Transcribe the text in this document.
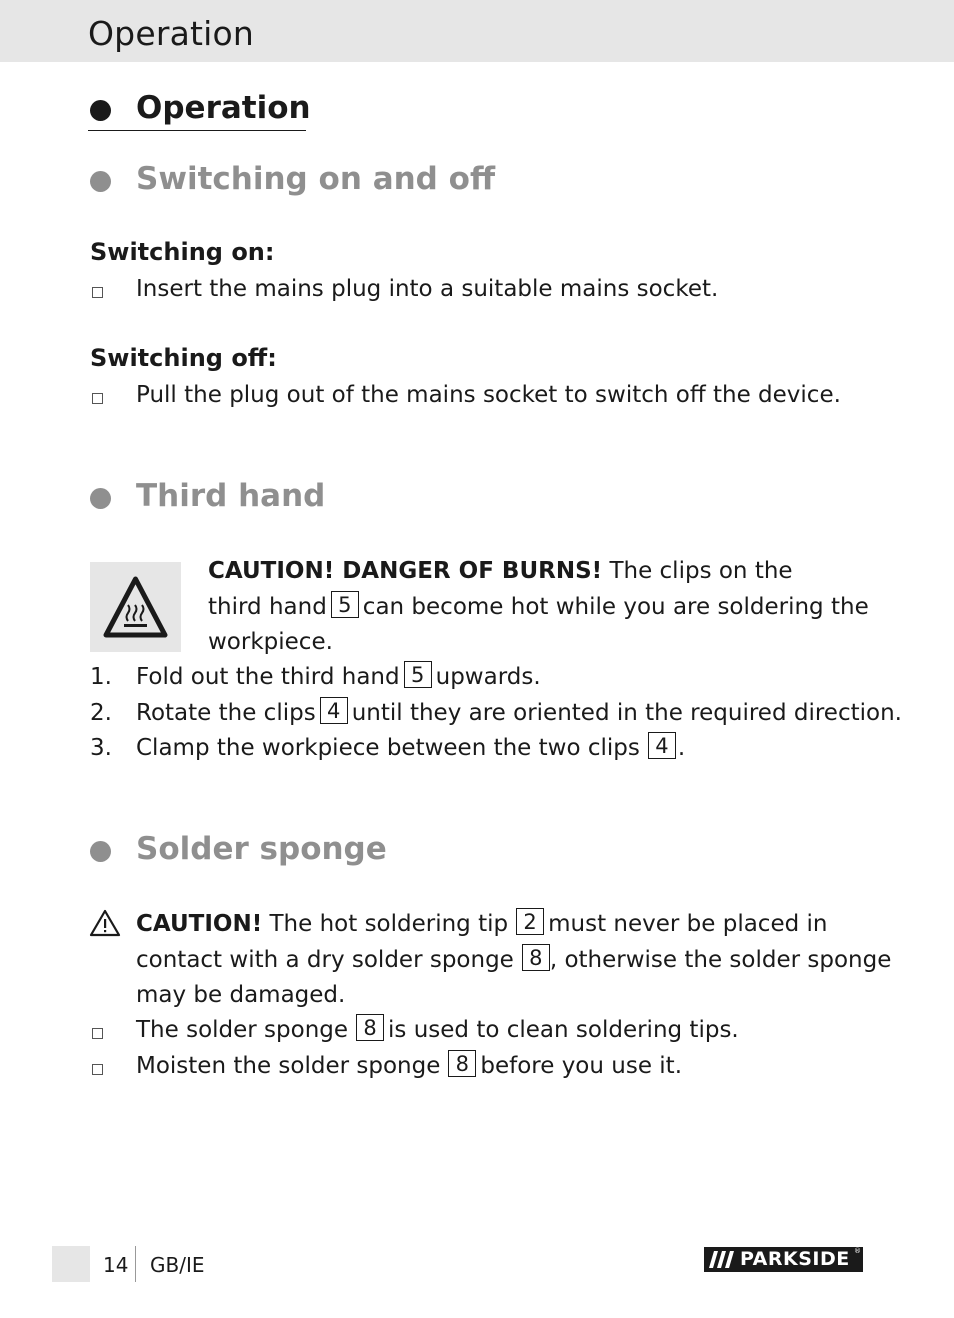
Operation
Operation
Switching on and off
Switching on:
Insert the mains plug into a suitable mains socket.
Switching off:
Pull the plug out of the mains socket to switch off the device.
Third hand
CAUTION! DANGER OF BURNS! The clips on the
third hand 5 can become hot while you are soldering the
workpiece.
1. Fold out the third hand 5 upwards.
2. Rotate the clips 4 until they are oriented in the required direction.
3. Clamp the workpiece between the two clips 4 .
Solder sponge
CAUTION! The hot soldering tip 2 must never be placed in
contact with a dry solder sponge 8 , otherwise the solder sponge
may be damaged.
The solder sponge 8 is used to clean soldering tips.
Moisten the solder sponge 8 before you use it.
14 GB/IE	PARKSIDE ®
